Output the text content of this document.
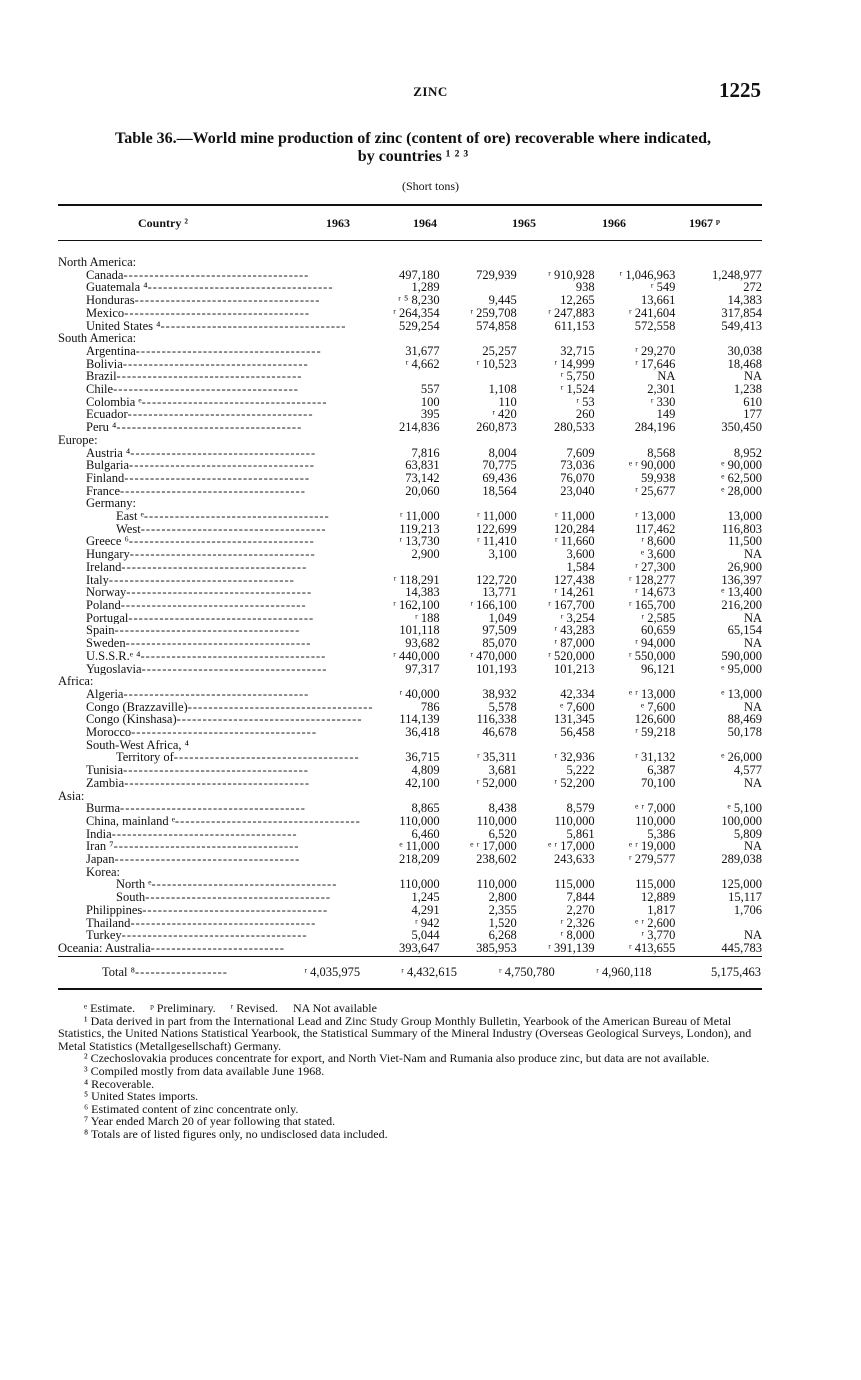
ZINC	1225
Table 36.—World mine production of zinc (content of ore) recoverable where indicated,
by countries ¹ ² ³
(Short tons)
Country ²	1963	1964	1965	1966	1967 ᵖ
North America:					
Canada------------------------------------	497,180	729,939	ʳ 910,928	ʳ 1,046,963	1,248,977
Guatemala ⁴------------------------------------	1,289		938	ʳ 549	272
Honduras------------------------------------	ʳ ⁵ 8,230	9,445	12,265	13,661	14,383
Mexico------------------------------------	ʳ 264,354	ʳ 259,708	ʳ 247,883	ʳ 241,604	317,854
United States ⁴------------------------------------	529,254	574,858	611,153	572,558	549,413
South America:					
Argentina------------------------------------	31,677	25,257	32,715	ʳ 29,270	30,038
Bolivia------------------------------------	ʳ 4,662	ʳ 10,523	ʳ 14,999	ʳ 17,646	18,468
Brazil------------------------------------			ʳ 5,750	NA	NA
Chile------------------------------------	557	1,108	ʳ 1,524	2,301	1,238
Colombia ᵉ------------------------------------	100	110	ʳ 53	ʳ 330	610
Ecuador------------------------------------	395	ʳ 420	260	149	177
Peru ⁴------------------------------------	214,836	260,873	280,533	284,196	350,450
Europe:					
Austria ⁴------------------------------------	7,816	8,004	7,609	8,568	8,952
Bulgaria------------------------------------	63,831	70,775	73,036	ᵉ ʳ 90,000	ᵉ 90,000
Finland------------------------------------	73,142	69,436	76,070	59,938	ᵉ 62,500
France------------------------------------	20,060	18,564	23,040	ʳ 25,677	ᵉ 28,000
Germany:					
East ᵉ------------------------------------	ʳ 11,000	ʳ 11,000	ʳ 11,000	ʳ 13,000	13,000
West------------------------------------	119,213	122,699	120,284	117,462	116,803
Greece ⁶------------------------------------	ʳ 13,730	ʳ 11,410	ʳ 11,660	ʳ 8,600	11,500
Hungary------------------------------------	2,900	3,100	3,600	ᵉ 3,600	NA
Ireland------------------------------------			1,584	ʳ 27,300	26,900
Italy------------------------------------	ʳ 118,291	122,720	127,438	ʳ 128,277	136,397
Norway------------------------------------	14,383	13,771	ʳ 14,261	ʳ 14,673	ᵉ 13,400
Poland------------------------------------	ʳ 162,100	ʳ 166,100	ʳ 167,700	ʳ 165,700	216,200
Portugal------------------------------------	ʳ 188	1,049	ʳ 3,254	ʳ 2,585	NA
Spain------------------------------------	101,118	97,509	ʳ 43,283	60,659	65,154
Sweden------------------------------------	93,682	85,070	ʳ 87,000	ʳ 94,000	NA
U.S.S.R.ᵉ ⁴------------------------------------	ʳ 440,000	ʳ 470,000	ʳ 520,000	ʳ 550,000	590,000
Yugoslavia------------------------------------	97,317	101,193	101,213	96,121	ᵉ 95,000
Africa:					
Algeria------------------------------------	ʳ 40,000	38,932	42,334	ᵉ ʳ 13,000	ᵉ 13,000
Congo (Brazzaville)------------------------------------	786	5,578	ᵉ 7,600	ᵉ 7,600	NA
Congo (Kinshasa)------------------------------------	114,139	116,338	131,345	126,600	88,469
Morocco------------------------------------	36,418	46,678	56,458	ʳ 59,218	50,178
South-West Africa, ⁴					
Territory of------------------------------------	36,715	ʳ 35,311	ʳ 32,936	ʳ 31,132	ᵉ 26,000
Tunisia------------------------------------	4,809	3,681	5,222	6,387	4,577
Zambia------------------------------------	42,100	ʳ 52,000	ʳ 52,200	70,100	NA
Asia:					
Burma------------------------------------	8,865	8,438	8,579	ᵉ ʳ 7,000	ᵉ 5,100
China, mainland ᵉ------------------------------------	110,000	110,000	110,000	110,000	100,000
India------------------------------------	6,460	6,520	5,861	5,386	5,809
Iran ⁷------------------------------------	ᵉ 11,000	ᵉ ʳ 17,000	ᵉ ʳ 17,000	ᵉ ʳ 19,000	NA
Japan------------------------------------	218,209	238,602	243,633	ʳ 279,577	289,038
Korea:					
North ᵉ------------------------------------	110,000	110,000	115,000	115,000	125,000
South------------------------------------	1,245	2,800	7,844	12,889	15,117
Philippines------------------------------------	4,291	2,355	2,270	1,817	1,706
Thailand------------------------------------	ʳ 942	1,520	ʳ 2,326	ᵉ ʳ 2,600	
Turkey------------------------------------	5,044	6,268	ʳ 8,000	ʳ 3,770	NA
Oceania: Australia--------------------------	393,647	385,953	ʳ 391,139	ʳ 413,655	445,783
Total ⁸------------------	ʳ 4,035,975	ʳ 4,432,615	ʳ 4,750,780	ʳ 4,960,118	5,175,463

ᵉ Estimate.     ᵖ Preliminary.     ʳ Revised.     NA Not available

¹ Data derived in part from the International Lead and Zinc Study Group Monthly Bulletin, Yearbook of the American Bureau of Metal Statistics, the United Nations Statistical Yearbook, the Statistical Summary of the Mineral Industry (Overseas Geological Surveys, London), and Metal Statistics (Metallgesellschaft) Germany.

² Czechoslovakia produces concentrate for export, and North Viet-Nam and Rumania also produce zinc, but data are not available.

³ Compiled mostly from data available June 1968.

⁴ Recoverable.

⁵ United States imports.

⁶ Estimated content of zinc concentrate only.

⁷ Year ended March 20 of year following that stated.

⁸ Totals are of listed figures only, no undisclosed data included.
